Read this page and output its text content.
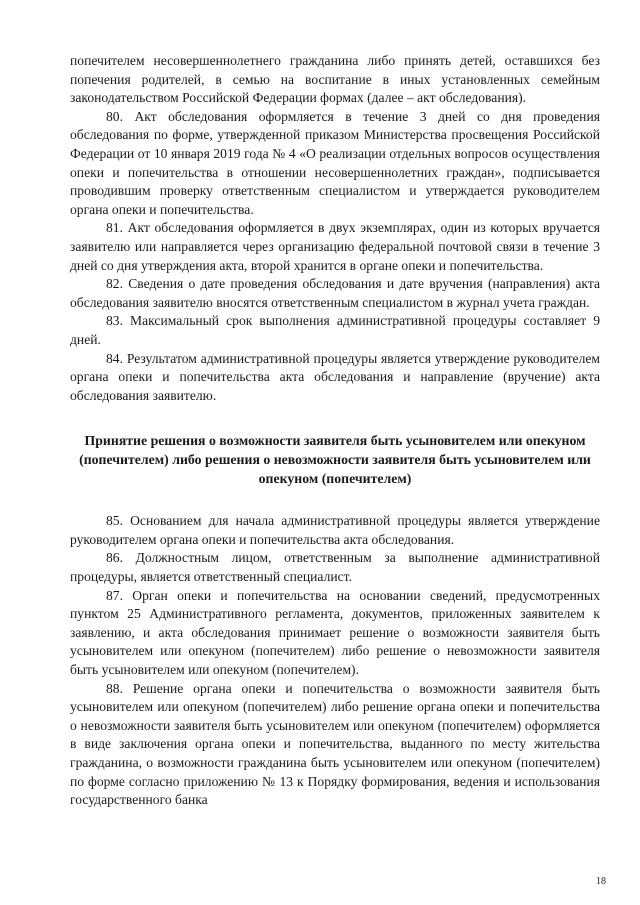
попечителем несовершеннолетнего гражданина либо принять детей, оставшихся без попечения родителей, в семью на воспитание в иных установленных семейным законодательством Российской Федерации формах (далее – акт обследования).

80. Акт обследования оформляется в течение 3 дней со дня проведения обследования по форме, утвержденной приказом Министерства просвещения Российской Федерации от 10 января 2019 года № 4 «О реализации отдельных вопросов осуществления опеки и попечительства в отношении несовершеннолетних граждан», подписывается проводившим проверку ответственным специалистом и утверждается руководителем органа опеки и попечительства.

81. Акт обследования оформляется в двух экземплярах, один из которых вручается заявителю или направляется через организацию федеральной почтовой связи в течение 3 дней со дня утверждения акта, второй хранится в органе опеки и попечительства.

82. Сведения о дате проведения обследования и дате вручения (направления) акта обследования заявителю вносятся ответственным специалистом в журнал учета граждан.

83. Максимальный срок выполнения административной процедуры составляет 9 дней.

84. Результатом административной процедуры является утверждение руководителем органа опеки и попечительства акта обследования и направление (вручение) акта обследования заявителю.

Принятие решения о возможности заявителя быть усыновителем или опекуном (попечителем) либо решения о невозможности заявителя быть усыновителем или опекуном (попечителем)

85. Основанием для начала административной процедуры является утверждение руководителем органа опеки и попечительства акта обследования.

86. Должностным лицом, ответственным за выполнение административной процедуры, является ответственный специалист.

87. Орган опеки и попечительства на основании сведений, предусмотренных пунктом 25 Административного регламента, документов, приложенных заявителем к заявлению, и акта обследования принимает решение о возможности заявителя быть усыновителем или опекуном (попечителем) либо решение о невозможности заявителя быть усыновителем или опекуном (попечителем).

88. Решение органа опеки и попечительства о возможности заявителя быть усыновителем или опекуном (попечителем) либо решение органа опеки и попечительства о невозможности заявителя быть усыновителем или опекуном (попечителем) оформляется в виде заключения органа опеки и попечительства, выданного по месту жительства гражданина, о возможности гражданина быть усыновителем или опекуном (попечителем) по форме согласно приложению № 13 к Порядку формирования, ведения и использования государственного банка

18
